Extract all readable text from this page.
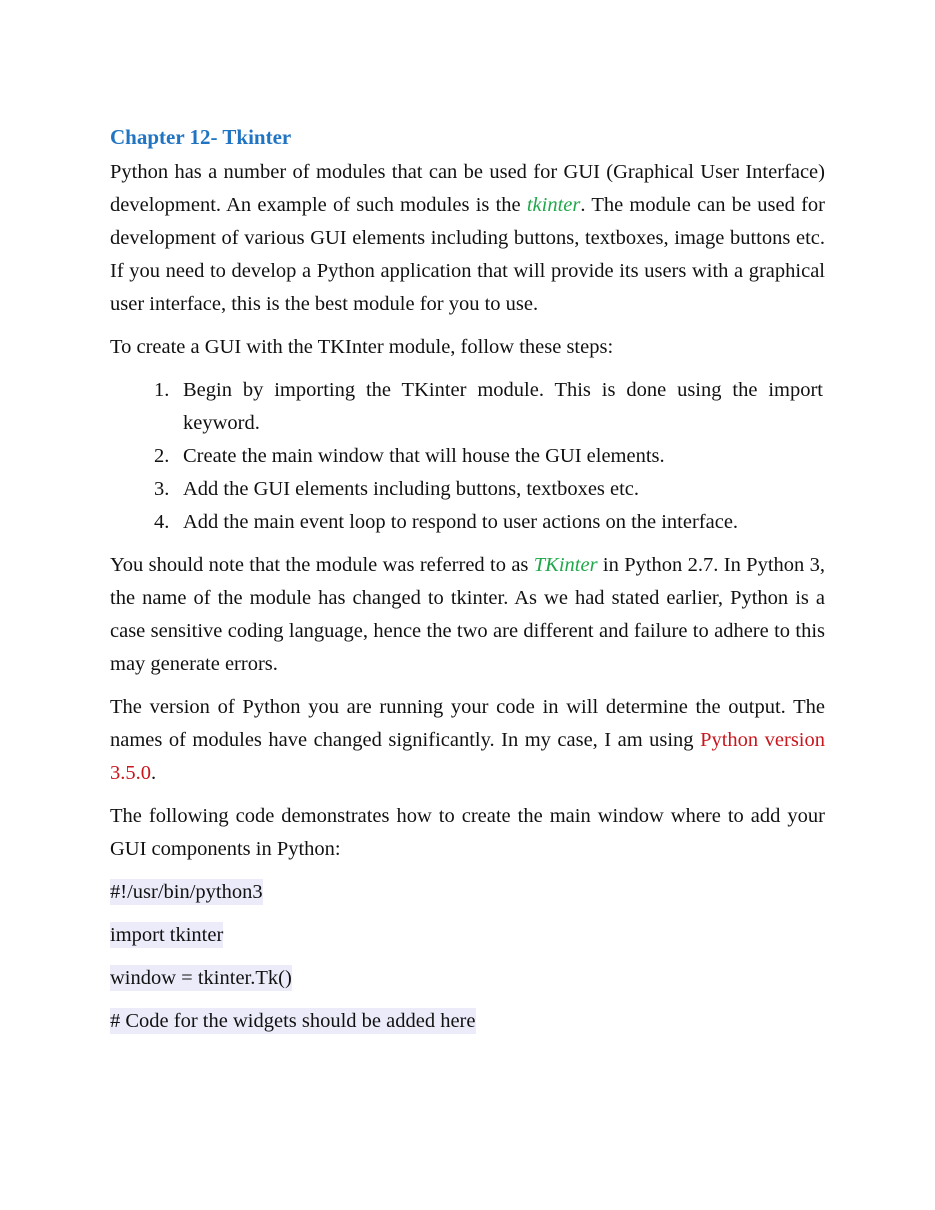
Chapter 12- Tkinter

Python has a number of modules that can be used for GUI (Graphical User Interface) development. An example of such modules is the tkinter. The module can be used for development of various GUI elements including buttons, textboxes, image buttons etc. If you need to develop a Python application that will provide its users with a graphical user interface, this is the best module for you to use.

To create a GUI with the TKInter module, follow these steps:

1. Begin by importing the TKinter module. This is done using the import keyword.
2. Create the main window that will house the GUI elements.
3. Add the GUI elements including buttons, textboxes etc.
4. Add the main event loop to respond to user actions on the interface.

You should note that the module was referred to as TKinter in Python 2.7. In Python 3, the name of the module has changed to tkinter. As we had stated earlier, Python is a case sensitive coding language, hence the two are different and failure to adhere to this may generate errors.

The version of Python you are running your code in will determine the output. The names of modules have changed significantly. In my case, I am using Python version 3.5.0.

The following code demonstrates how to create the main window where to add your GUI components in Python:

#!/usr/bin/python3
import tkinter
window = tkinter.Tk()
# Code for the widgets should be added here
